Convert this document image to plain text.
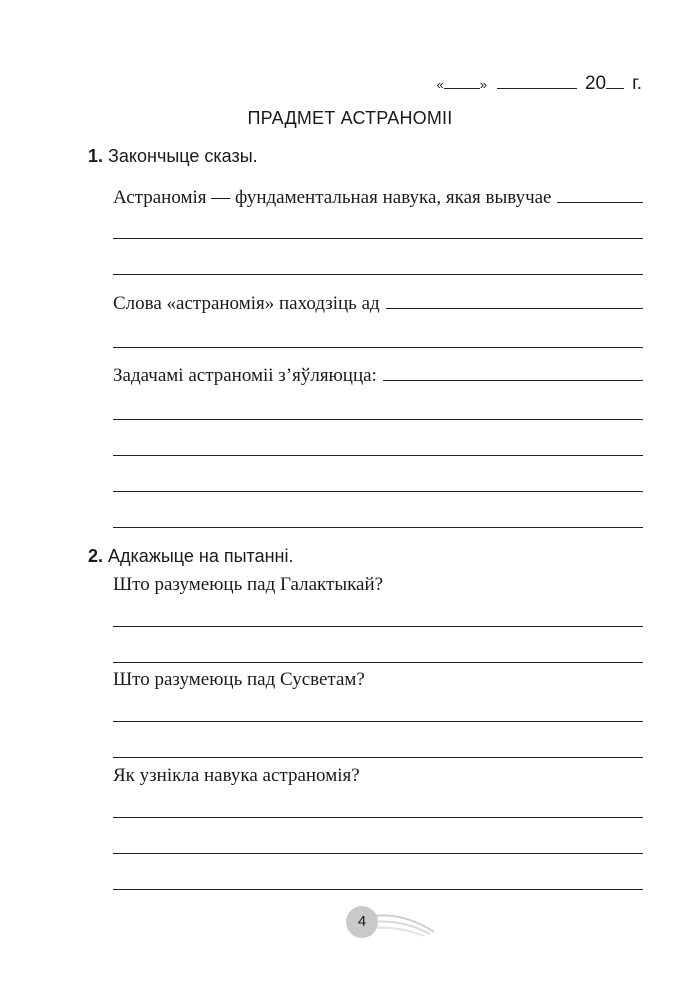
«	»	20 г.
ПРАДМЕТ АСТРАНОМІІ
1. Закончыце сказы.
Астраномія — фундаментальная навука, якая вывучае
Слова «астраномія» паходзіць ад
Задачамі астраноміі з’яўляюцца:
2. Адкажыце на пытанні.
Што разумеюць пад Галактыкай?
Што разумеюць пад Сусветам?
Як узнікла навука астраномія?
4
